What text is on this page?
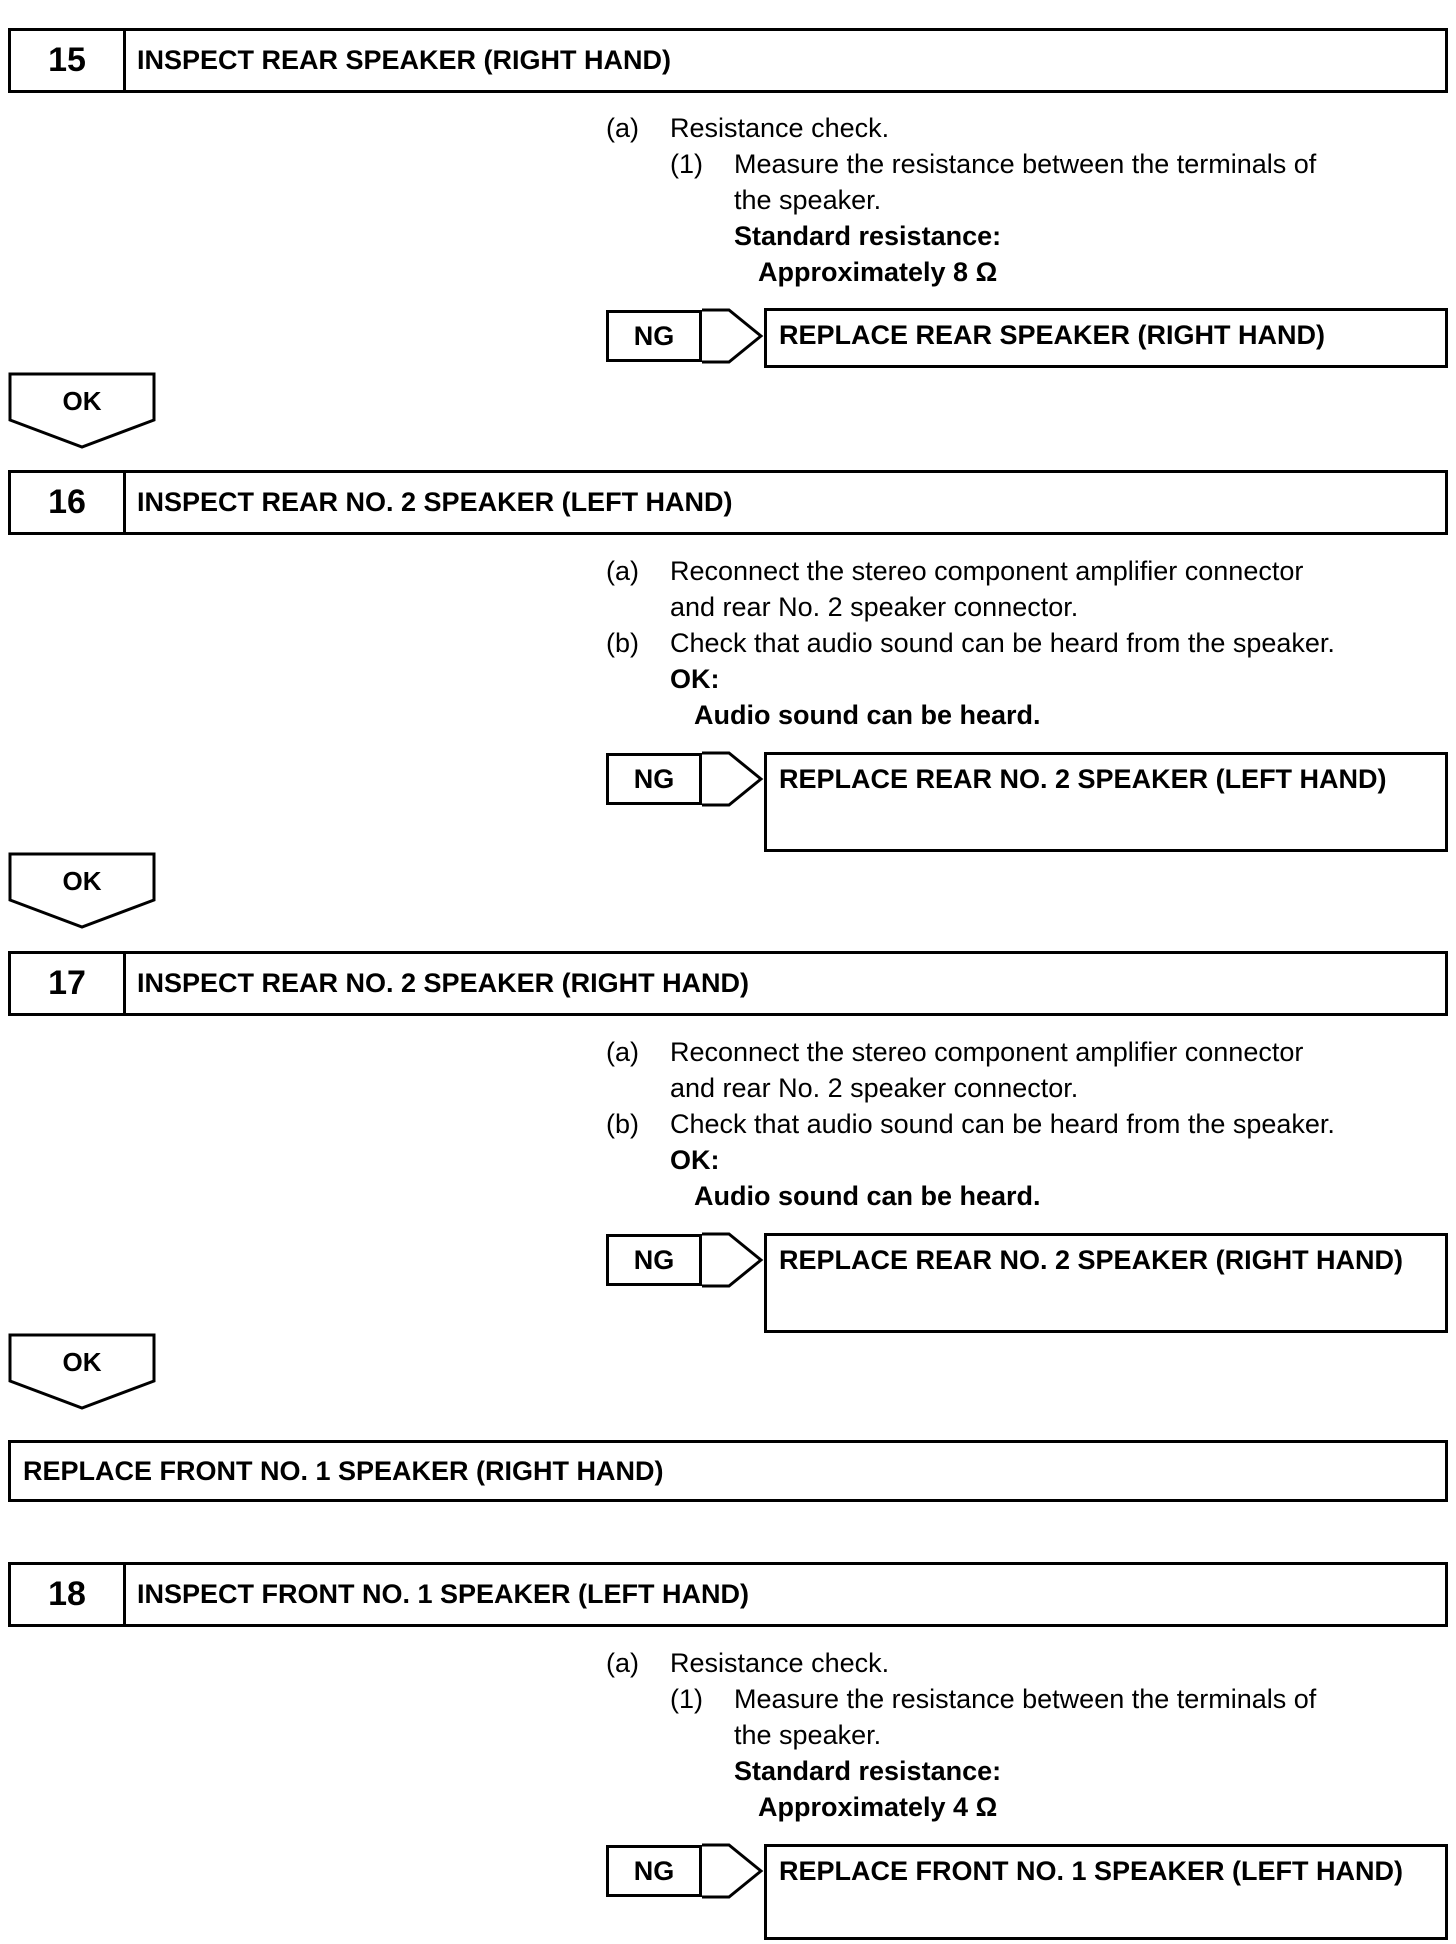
15	INSPECT REAR SPEAKER (RIGHT HAND)
(a) Resistance check.
(1) Measure the resistance between the terminals of
the speaker.
Standard resistance:
Approximately 8 Ω
NG	REPLACE REAR SPEAKER (RIGHT HAND)
OK
16	INSPECT REAR NO. 2 SPEAKER (LEFT HAND)
(a) Reconnect the stereo component amplifier connector
and rear No. 2 speaker connector.
(b) Check that audio sound can be heard from the speaker.
OK:
Audio sound can be heard.
NG	REPLACE REAR NO. 2 SPEAKER (LEFT HAND)
OK
17	INSPECT REAR NO. 2 SPEAKER (RIGHT HAND)
(a) Reconnect the stereo component amplifier connector
and rear No. 2 speaker connector.
(b) Check that audio sound can be heard from the speaker.
OK:
Audio sound can be heard.
NG	REPLACE REAR NO. 2 SPEAKER (RIGHT HAND)
OK
REPLACE FRONT NO. 1 SPEAKER (RIGHT HAND)
18	INSPECT FRONT NO. 1 SPEAKER (LEFT HAND)
(a) Resistance check.
(1) Measure the resistance between the terminals of
the speaker.
Standard resistance:
Approximately 4 Ω
NG	REPLACE FRONT NO. 1 SPEAKER (LEFT HAND)
